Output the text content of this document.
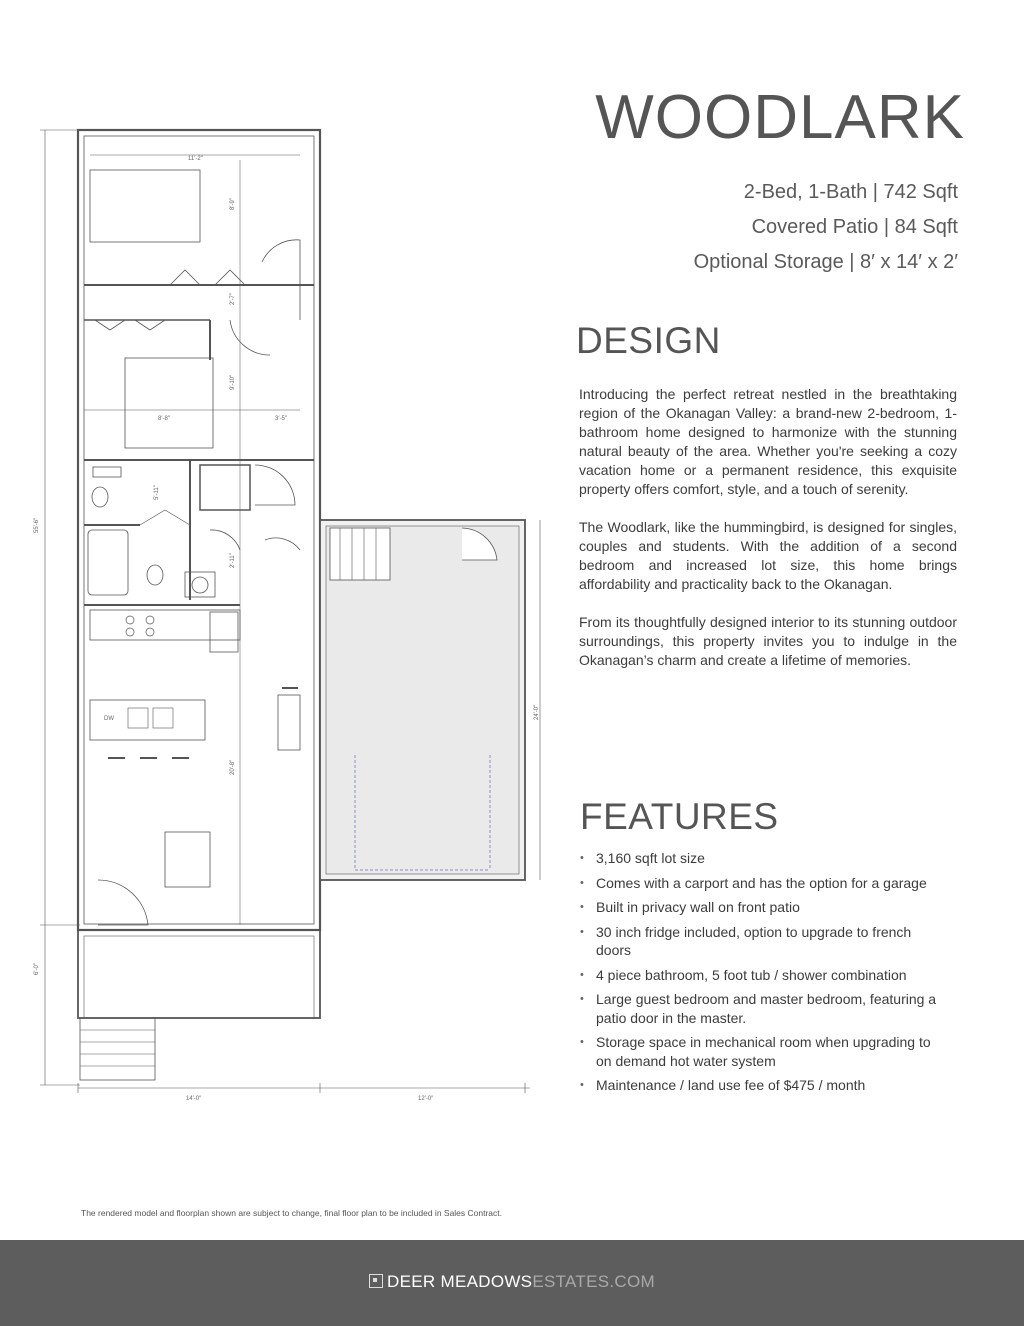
55′-6″
6′-0″
14′-0″	12′-0″
24′-0″
11′-2″
8′-9″
2′-7″
9′-10″
8′-8″	3′-5″
5′-11″
2′-11″
20′-8″
DW
WOODLARK
2-Bed, 1-Bath | 742 Sqft
Covered Patio | 84 Sqft
Optional Storage | 8′ x 14′ x 2′
DESIGN

Introducing the perfect retreat nestled in the breathtaking region of the Okanagan Valley: a brand-new 2-bedroom, 1-bathroom home designed to harmonize with the stunning natural beauty of the area. Whether you're seeking a cozy vacation home or a permanent residence, this exquisite property offers comfort, style, and a touch of serenity.

The Woodlark, like the hummingbird, is designed for singles, couples and students. With the addition of a second bedroom and increased lot size, this home brings affordability and practicality back to the Okanagan.

From its thoughtfully designed interior to its stunning outdoor surroundings, this property invites you to indulge in the Okanagan’s charm and create a lifetime of memories.

FEATURES
• 3,160 sqft lot size
• Comes with a carport and has the option for a garage
• Built in privacy wall on front patio
• 30 inch fridge included, option to upgrade to french doors
• 4 piece bathroom, 5 foot tub / shower combination
• Large guest bedroom and master bedroom, featuring a patio door in the master.
• Storage space in mechanical room when upgrading to on demand hot water system
• Maintenance / land use fee of $475 / month
The rendered model and floorplan shown are subject to change, final floor plan to be included in Sales Contract.
DEER MEADOWSESTATES.COM
